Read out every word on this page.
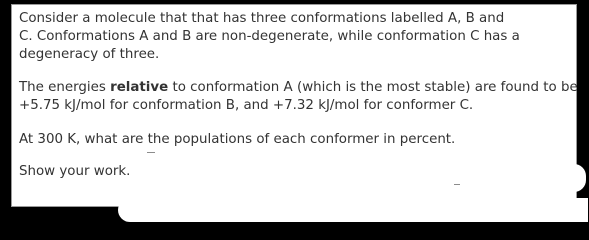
Consider a molecule that that has three conformations labelled A, B and
C. Conformations A and B are non-degenerate, while conformation C has a
degeneracy of three.
The energies relative to conformation A (which is the most stable) are found to be
+5.75 kJ/mol for conformation B, and +7.32 kJ/mol for conformer C.
At 300 K, what are the populations of each conformer in percent.
Show your work.
